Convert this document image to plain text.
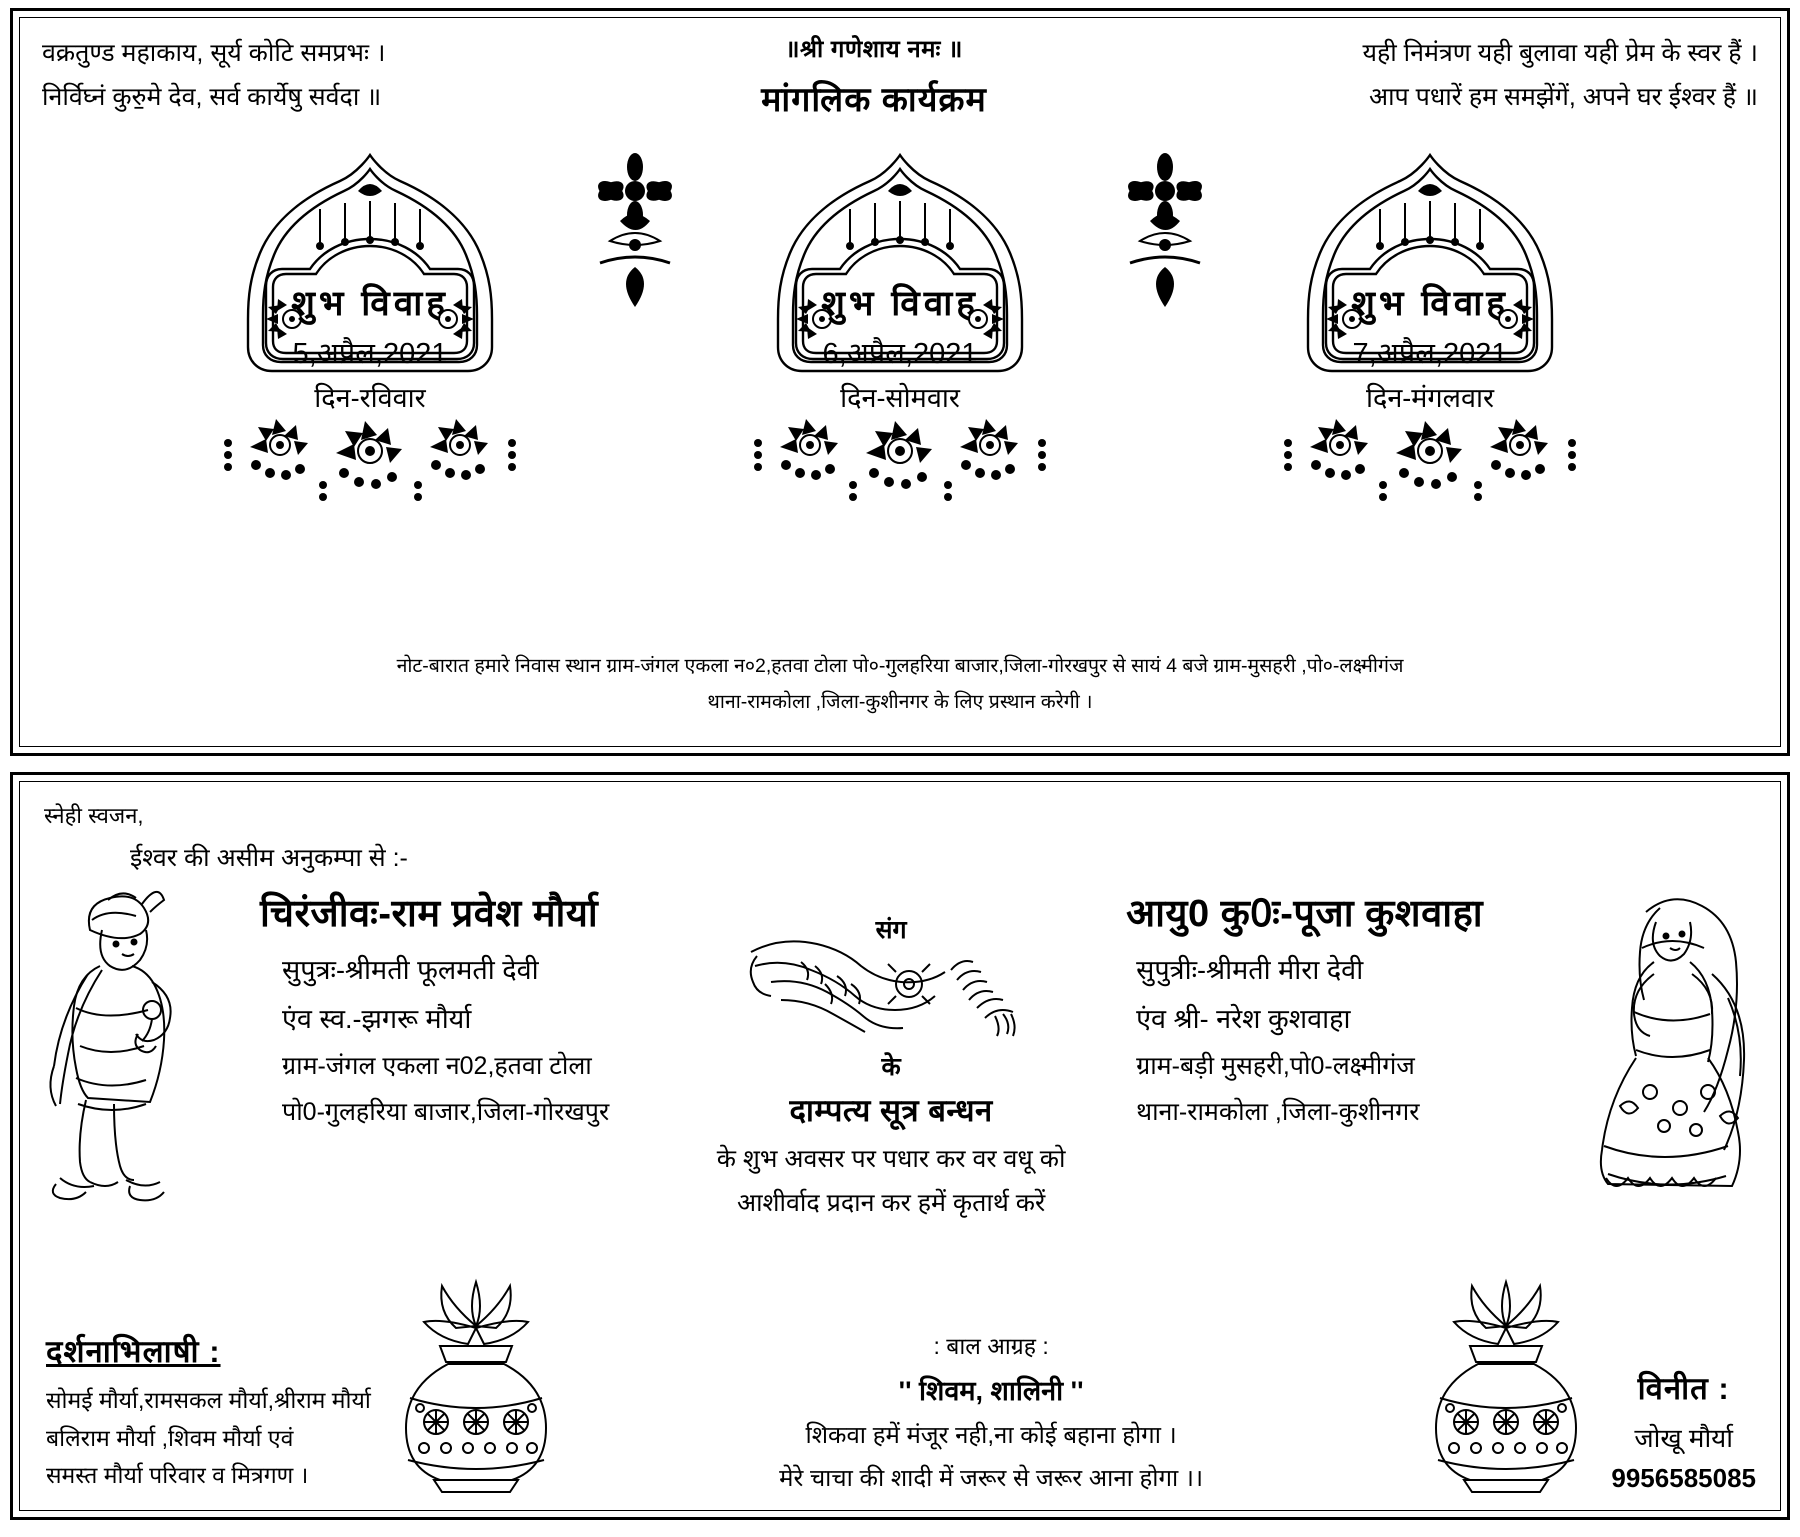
वक्रतुण्ड महाकाय, सूर्य कोटि समप्रभः ।
निर्विघ्नं कुरु॒मे देव, सर्व कार्येषु सर्वदा ॥
॥श्री गणेशाय नमः ॥
मांगलिक कार्यक्रम
यही निमंत्रण यही बुलावा यही प्रेम के स्वर हैं ।
आप पधारें हम समझेंगें, अपने घर ईश्वर हैं ॥
शुभ विवाह
5,अप्रैल,2021
दिन-रविवार
शुभ विवाह
6,अप्रैल,2021
दिन-सोमवार
शुभ विवाह
7,अप्रैल,2021
दिन-मंगलवार
नोट-बारात हमारे निवास स्थान ग्राम-जंगल एकला न०2,हतवा टोला पो०-गुलहरिया बाजार,जिला-गोरखपुर से सायं 4 बजे ग्राम-मुसहरी ,पो०-लक्ष्मीगंज
थाना-रामकोला ,जिला-कुशीनगर के लिए प्रस्थान करेगी ।
स्नेही स्वजन,
ईश्वर की असीम अनुकम्पा से :-
चिरंजीवः-राम प्रवेश मौर्या
सुपुत्रः-श्रीमती फूलमती देवी
एंव स्व.-झगरू मौर्या
ग्राम-जंगल एकला न02,हतवा टोला
पो0-गुलहरिया बाजार,जिला-गोरखपुर
संग
के
दाम्पत्य सूत्र बन्धन
के शुभ अवसर पर पधार कर वर वधू को
आशीर्वाद प्रदान कर हमें कृतार्थ करें
आयु0 कु0ः-पूजा कुशवाहा
सुपुत्रीः-श्रीमती मीरा देवी
एंव श्री- नरेश कुशवाहा
ग्राम-बड़ी मुसहरी,पो0-लक्ष्मीगंज
थाना-रामकोला ,जिला-कुशीनगर
दर्शनाभिलाषी :
सोमई मौर्या,रामसकल मौर्या,श्रीराम मौर्या
बलिराम मौर्या ,शिवम मौर्या एवं
समस्त मौर्या परिवार व मित्रगण ।
: बाल आग्रह :
'' शिवम, शालिनी ''
शिकवा हमें मंजूर नही,ना कोई बहाना होगा ।
मेरे चाचा की शादी में जरूर से जरूर आना होगा ।।
विनीत :
जोखू मौर्या
9956585085
